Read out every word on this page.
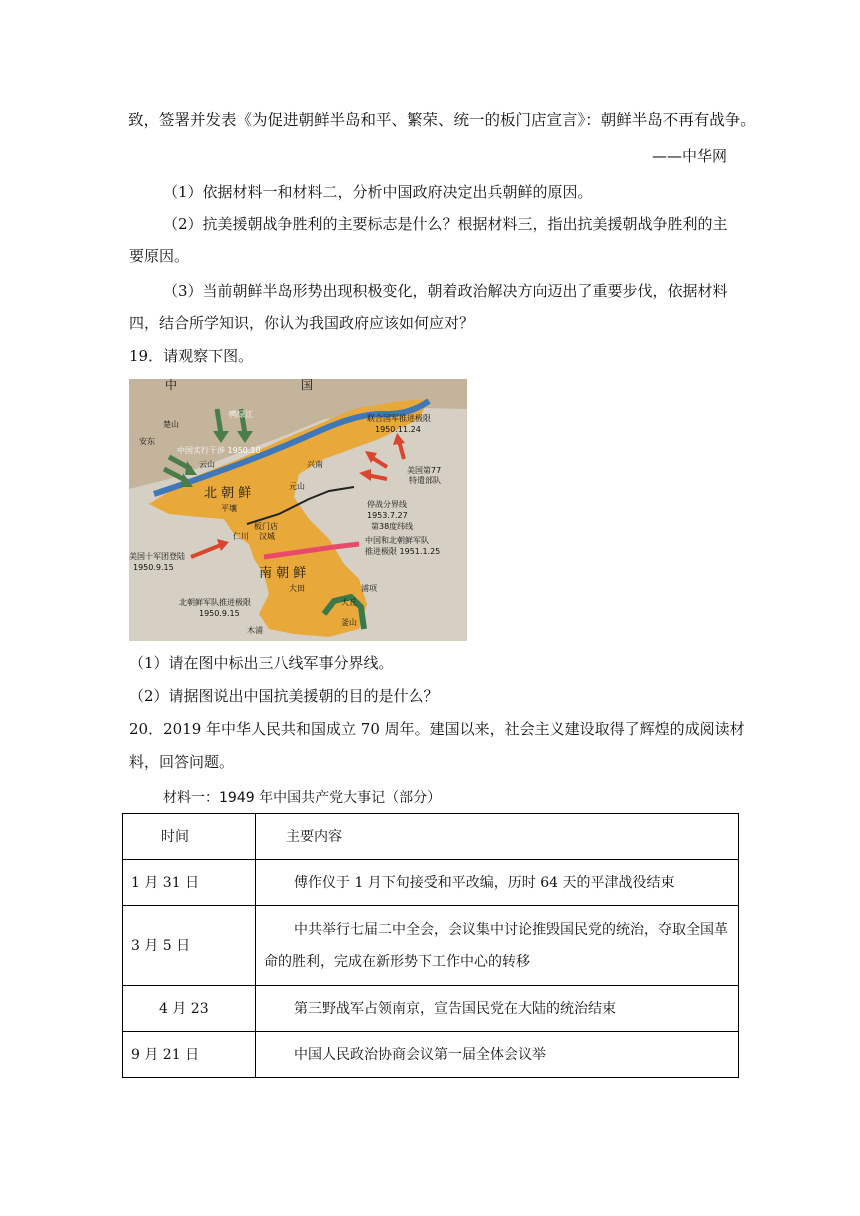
致，签署并发表《为促进朝鲜半岛和平、繁荣、统一的板门店宣言》：朝鲜半岛不再有战争。
——中华网
（1）依据材料一和材料二，分析中国政府决定出兵朝鲜的原因。
（2）抗美援朝战争胜利的主要标志是什么？根据材料三，指出抗美援朝战争胜利的主
要原因。
（3）当前朝鲜半岛形势出现积极变化，朝着政治解决方向迈出了重要步伐，依据材料
四，结合所学知识，你认为我国政府应该如何应对？
19．请观察下图。
中	国
鸭绿江
楚山
安东
中国实行干涉 1950.10
云山
联合国军推进极限
1950.11.24
兴南
美国第77
特遣部队
北 朝 鲜	元山
平壤	停战分界线
1953.7.27
第38度纬线
板门店
仁川 汉城
美国十军团登陆
1950.9.15
中国和北朝鲜军队
推进极限 1951.1.25
南 朝 鲜
大田	浦项
大丘
北朝鲜军队推进极限
1950.9.15
釜山
木浦
（1）请在图中标出三八线军事分界线。
（2）请据图说出中国抗美援朝的目的是什么？
20．2019 年中华人民共和国成立 70 周年。建国以来，社会主义建设取得了辉煌的成阅读材
料，回答问题。
材料一：1949 年中国共产党大事记（部分）
时间	主要内容
1 月 31 日	傅作仪于 1 月下旬接受和平改编，历时 64 天的平津战役结束
3 月 5 日	中共举行七届二中全会，会议集中讨论推毁国民党的统治，夺取全国革
命的胜利，完成在新形势下工作中心的转移
4 月 23	第三野战军占领南京，宣告国民党在大陆的统治结束
9 月 21 日	中国人民政治协商会议第一届全体会议举
